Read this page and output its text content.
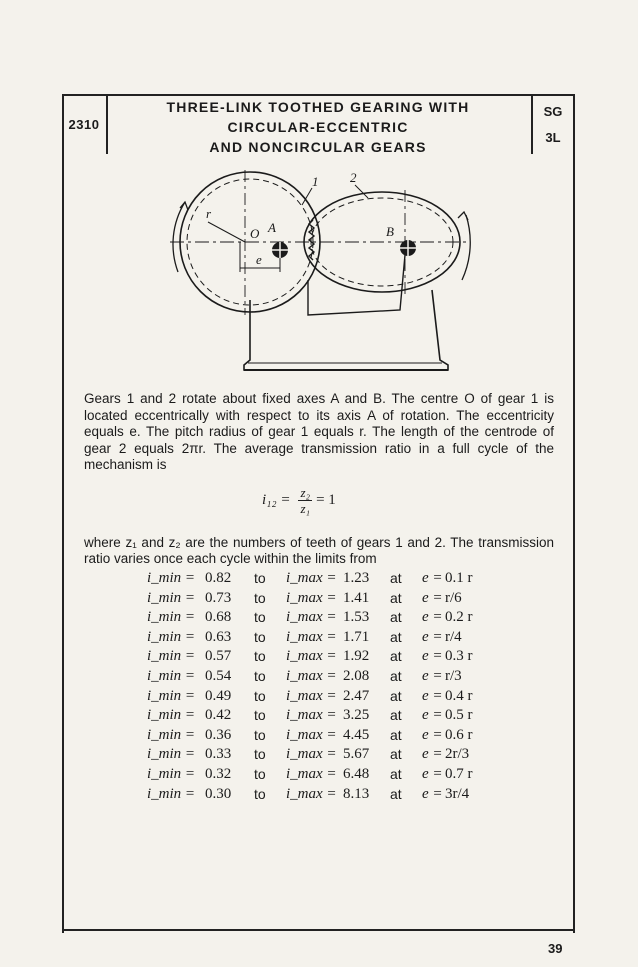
2310
THREE-LINK TOOTHED GEARING WITH
CIRCULAR-ECCENTRIC
AND NONCIRCULAR GEARS
SG
3L
1 2
r
O A
e
B

Gears 1 and 2 rotate about fixed axes A and B. The centre O of gear 1 is located eccentrically with respect to its axis A of rotation. The eccentricity equals e. The pitch radius of gear 1 equals r. The length of the centrode of gear 2 equals 2πr. The average transmission ratio in a full cycle of the mechanism is

$i_{12} = \frac{\text{z₂}}{\text{z₁}} = 1$

where z₁ and z₂ are the numbers of teeth of gears 1 and 2. The transmission ratio varies once each cycle within the limits from

i_min = 0.82 to i_max = 1.23 at e = 0.1 r
i_min = 0.73 to i_max = 1.41 at e = r/6
i_min = 0.68 to i_max = 1.53 at e = 0.2 r
i_min = 0.63 to i_max = 1.71 at e = r/4
i_min = 0.57 to i_max = 1.92 at e = 0.3 r
i_min = 0.54 to i_max = 2.08 at e = r/3
i_min = 0.49 to i_max = 2.47 at e = 0.4 r
i_min = 0.42 to i_max = 3.25 at e = 0.5 r
i_min = 0.36 to i_max = 4.45 at e = 0.6 r
i_min = 0.33 to i_max = 5.67 at e = 2r/3
i_min = 0.32 to i_max = 6.48 at e = 0.7 r
i_min = 0.30 to i_max = 8.13 at e = 3r/4
39
